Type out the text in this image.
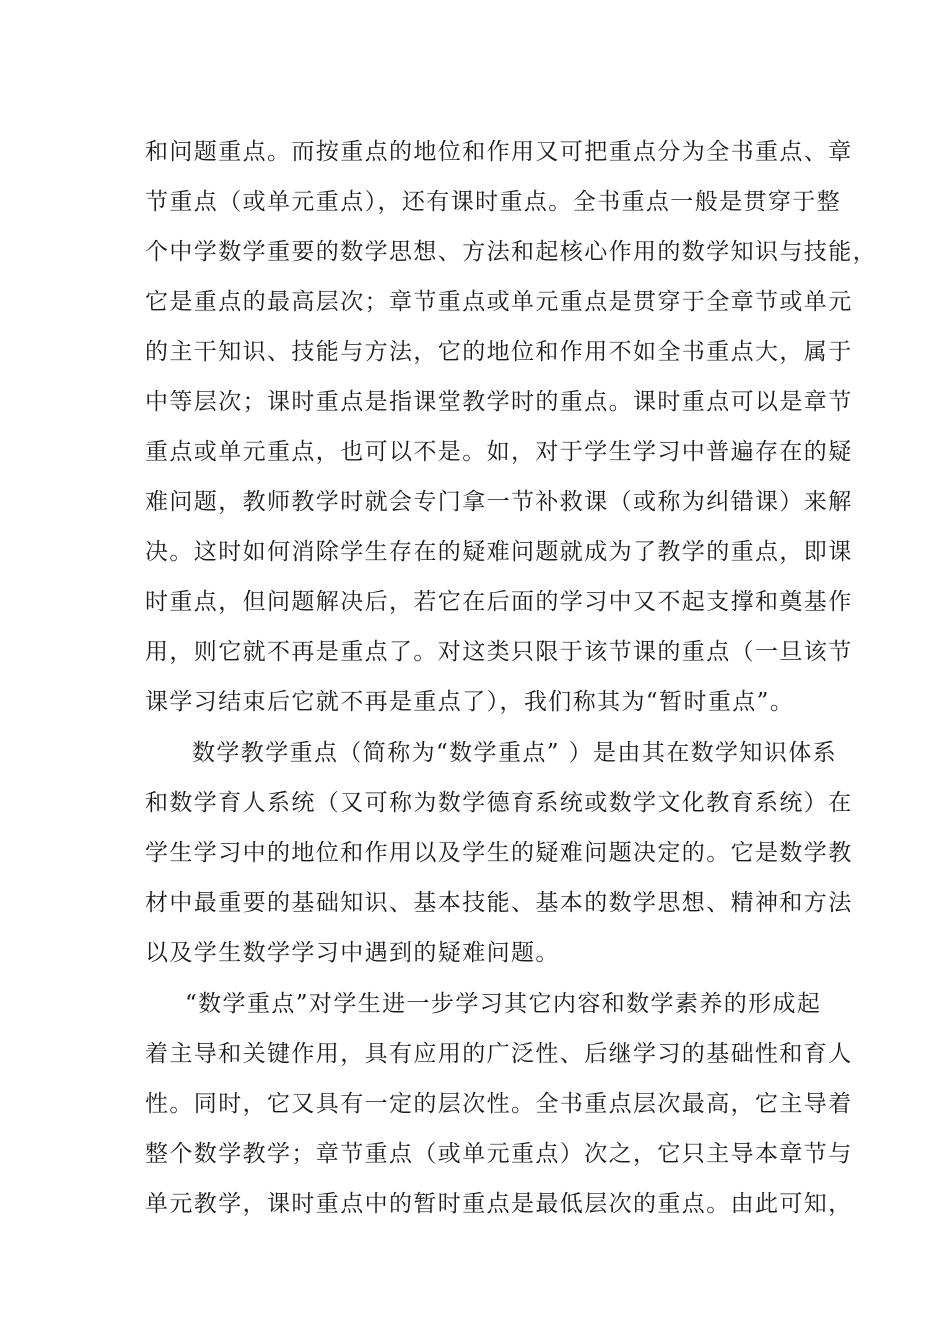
和问题重点。而按重点的地位和作用又可把重点分为全书重点、章
节重点（或单元重点），还有课时重点。全书重点一般是贯穿于整
个中学数学重要的数学思想、方法和起核心作用的数学知识与技能，
它是重点的最高层次；章节重点或单元重点是贯穿于全章节或单元
的主干知识、技能与方法，它的地位和作用不如全书重点大，属于
中等层次；课时重点是指课堂教学时的重点。课时重点可以是章节
重点或单元重点，也可以不是。如，对于学生学习中普遍存在的疑
难问题，教师教学时就会专门拿一节补救课（或称为纠错课）来解
决。这时如何消除学生存在的疑难问题就成为了教学的重点，即课
时重点，但问题解决后，若它在后面的学习中又不起支撑和奠基作
用，则它就不再是重点了。对这类只限于该节课的重点（一旦该节
课学习结束后它就不再是重点了），我们称其为“暂时重点”。
数学教学重点（简称为“数学重点” ）是由其在数学知识体系
和数学育人系统（又可称为数学德育系统或数学文化教育系统）在
学生学习中的地位和作用以及学生的疑难问题决定的。它是数学教
材中最重要的基础知识、基本技能、基本的数学思想、精神和方法
以及学生数学学习中遇到的疑难问题。
“数学重点”对学生进一步学习其它内容和数学素养的形成起
着主导和关键作用，具有应用的广泛性、后继学习的基础性和育人
性。同时，它又具有一定的层次性。全书重点层次最高，它主导着
整个数学教学；章节重点（或单元重点）次之，它只主导本章节与
单元教学，课时重点中的暂时重点是最低层次的重点。由此可知，
